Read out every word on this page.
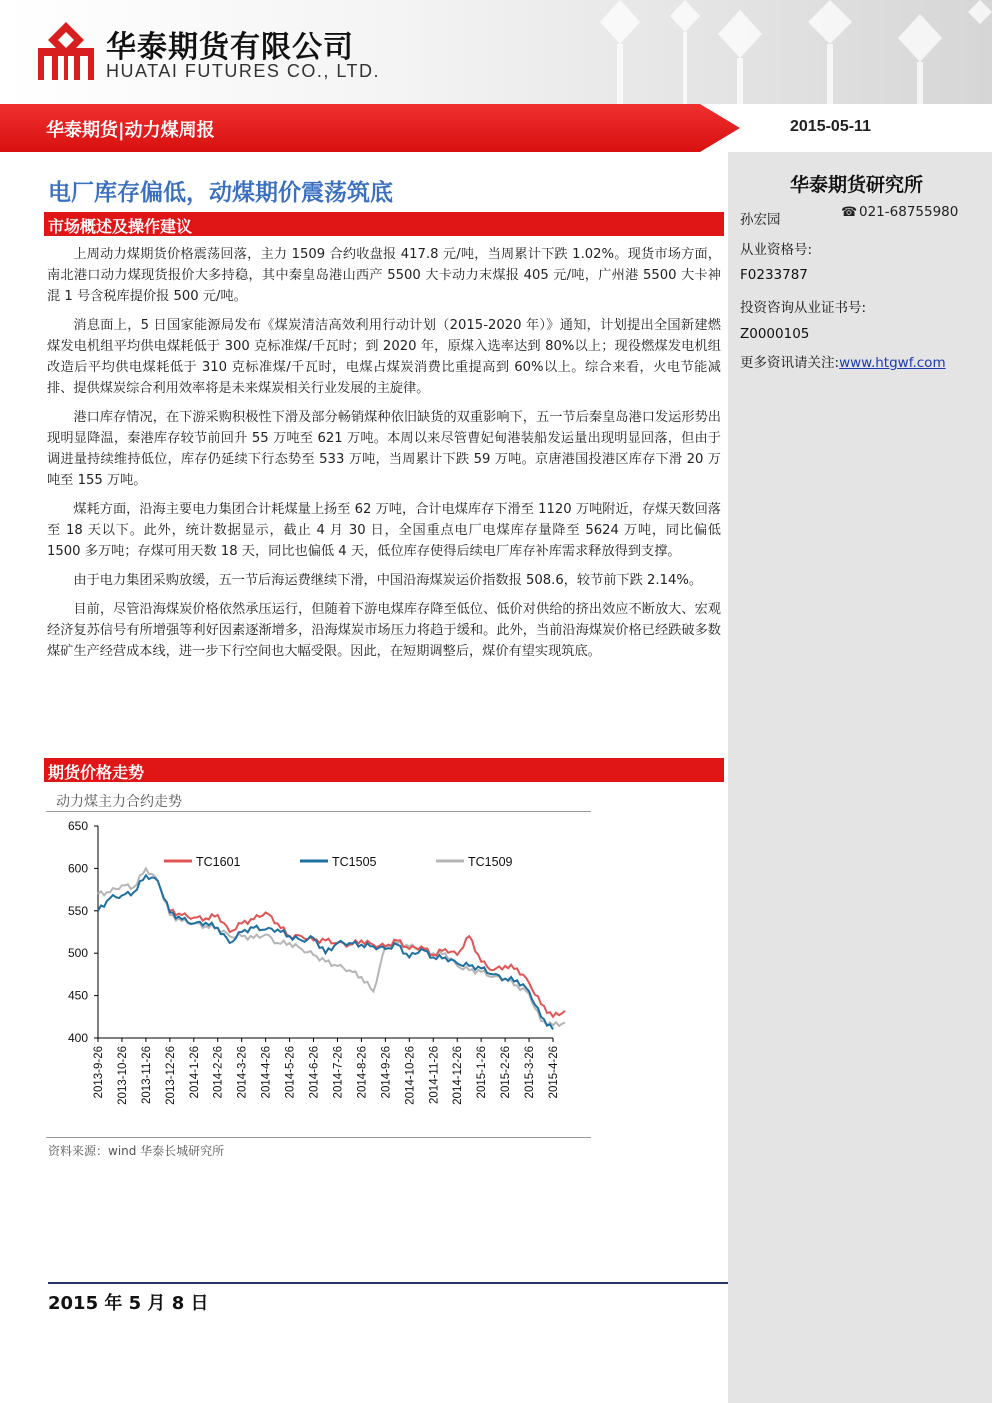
华泰期货有限公司
HUATAI FUTURES CO., LTD.
华泰期货|动力煤周报	2015-05-11
华泰期货研究所
孙宏园	☎ 021-68755980
从业资格号:
F0233787
投资咨询从业证书号:
Z0000105
更多资讯请关注:www.htgwf.com
电厂库存偏低，动煤期价震荡筑底
市场概述及操作建议

上周动力煤期货价格震荡回落，主力 1509 合约收盘报 417.8 元/吨，当周累计下跌 1.02%。现货市场方面，南北港口动力煤现货报价大多持稳，其中秦皇岛港山西产 5500 大卡动力末煤报 405 元/吨，广州港 5500 大卡神混 1 号含税库提价报 500 元/吨。

消息面上，5 日国家能源局发布《煤炭清洁高效利用行动计划（2015-2020 年）》通知，计划提出全国新建燃煤发电机组平均供电煤耗低于 300 克标准煤/千瓦时；到 2020 年，原煤入选率达到 80%以上；现役燃煤发电机组改造后平均供电煤耗低于 310 克标准煤/千瓦时，电煤占煤炭消费比重提高到 60%以上。综合来看，火电节能减排、提供煤炭综合利用效率将是未来煤炭相关行业发展的主旋律。

港口库存情况，在下游采购积极性下滑及部分畅销煤种依旧缺货的双重影响下，五一节后秦皇岛港口发运形势出现明显降温，秦港库存较节前回升 55 万吨至 621 万吨。本周以来尽管曹妃甸港装船发运量出现明显回落，但由于调进量持续维持低位，库存仍延续下行态势至 533 万吨，当周累计下跌 59 万吨。京唐港国投港区库存下滑 20 万吨至 155 万吨。

煤耗方面，沿海主要电力集团合计耗煤量上扬至 62 万吨，合计电煤库存下滑至 1120 万吨附近，存煤天数回落至 18 天以下。此外，统计数据显示，截止 4 月 30 日，全国重点电厂电煤库存量降至 5624 万吨，同比偏低 1500 多万吨；存煤可用天数 18 天，同比也偏低 4 天，低位库存使得后续电厂库存补库需求释放得到支撑。

由于电力集团采购放缓，五一节后海运费继续下滑，中国沿海煤炭运价指数报 508.6，较节前下跌 2.14%。

目前，尽管沿海煤炭价格依然承压运行，但随着下游电煤库存降至低位、低价对供给的挤出效应不断放大、宏观经济复苏信号有所增强等利好因素逐渐增多，沿海煤炭市场压力将趋于缓和。此外，当前沿海煤炭价格已经跌破多数煤矿生产经营成本线，进一步下行空间也大幅受限。因此，在短期调整后，煤价有望实现筑底。

期货价格走势
动力煤主力合约走势
400
450
500
550
600
650
2013-9-26 2013-10-26 2013-11-26 2013-12-26 2014-1-26 2014-2-26 2014-3-26 2014-4-26 2014-5-26 2014-6-26 2014-7-26 2014-8-26 2014-9-26 2014-10-26 2014-11-26 2014-12-26 2015-1-26 2015-2-26 2015-3-26 2015-4-26
TC1601	TC1505	TC1509
资料来源：wind 华泰长城研究所
2015 年 5 月 8 日
